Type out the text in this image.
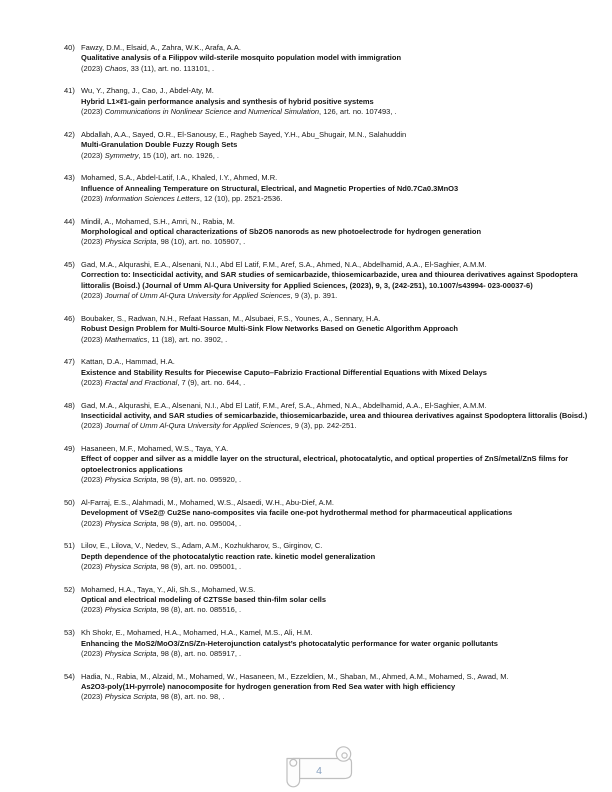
40) Fawzy, D.M., Elsaid, A., Zahra, W.K., Arafa, A.A.
Qualitative analysis of a Filippov wild-sterile mosquito population model with immigration
(2023) Chaos, 33 (11), art. no. 113101, .
41) Wu, Y., Zhang, J., Cao, J., Abdel-Aty, M.
Hybrid L1×ℓ1-gain performance analysis and synthesis of hybrid positive systems
(2023) Communications in Nonlinear Science and Numerical Simulation, 126, art. no. 107493, .
42) Abdallah, A.A., Sayed, O.R., El-Sanousy, E., Ragheb Sayed, Y.H., Abu_Shugair, M.N., Salahuddin
Multi-Granulation Double Fuzzy Rough Sets
(2023) Symmetry, 15 (10), art. no. 1926, .
43) Mohamed, S.A., Abdel-Latif, I.A., Khaled, I.Y., Ahmed, M.R.
Influence of Annealing Temperature on Structural, Electrical, and Magnetic Properties of Nd0.7Ca0.3MnO3
(2023) Information Sciences Letters, 12 (10), pp. 2521-2536.
44) Mindil, A., Mohamed, S.H., Amri, N., Rabia, M.
Morphological and optical characterizations of Sb2O5 nanorods as new photoelectrode for hydrogen generation
(2023) Physica Scripta, 98 (10), art. no. 105907, .
45) Gad, M.A., Alqurashi, E.A., Alsenani, N.I., Abd El Latif, F.M., Aref, S.A., Ahmed, N.A., Abdelhamid, A.A., El-Saghier, A.M.M.
Correction to: Insecticidal activity, and SAR studies of semicarbazide, thiosemicarbazide, urea and thiourea derivatives against Spodoptera littoralis (Boisd.) (Journal of Umm Al-Qura University for Applied Sciences, (2023), 9, 3, (242-251), 10.1007/s43994- 023-00037-6)
(2023) Journal of Umm Al-Qura University for Applied Sciences, 9 (3), p. 391.
46) Boubaker, S., Radwan, N.H., Refaat Hassan, M., Alsubaei, F.S., Younes, A., Sennary, H.A.
Robust Design Problem for Multi-Source Multi-Sink Flow Networks Based on Genetic Algorithm Approach
(2023) Mathematics, 11 (18), art. no. 3902, .
47) Kattan, D.A., Hammad, H.A.
Existence and Stability Results for Piecewise Caputo–Fabrizio Fractional Differential Equations with Mixed Delays
(2023) Fractal and Fractional, 7 (9), art. no. 644, .
48) Gad, M.A., Alqurashi, E.A., Alsenani, N.I., Abd El Latif, F.M., Aref, S.A., Ahmed, N.A., Abdelhamid, A.A., El-Saghier, A.M.M.
Insecticidal activity, and SAR studies of semicarbazide, thiosemicarbazide, urea and thiourea derivatives against Spodoptera littoralis (Boisd.)
(2023) Journal of Umm Al-Qura University for Applied Sciences, 9 (3), pp. 242-251.
49) Hasaneen, M.F., Mohamed, W.S., Taya, Y.A.
Effect of copper and silver as a middle layer on the structural, electrical, photocatalytic, and optical properties of ZnS/metal/ZnS films for optoelectronics applications
(2023) Physica Scripta, 98 (9), art. no. 095920, .
50) Al-Farraj, E.S., Alahmadi, M., Mohamed, W.S., Alsaedi, W.H., Abu-Dief, A.M.
Development of VSe2@ Cu2Se nano-composites via facile one-pot hydrothermal method for pharmaceutical applications
(2023) Physica Scripta, 98 (9), art. no. 095004, .
51) Lilov, E., Lilova, V., Nedev, S., Adam, A.M., Kozhukharov, S., Girginov, C.
Depth dependence of the photocatalytic reaction rate. kinetic model generalization
(2023) Physica Scripta, 98 (9), art. no. 095001, .
52) Mohamed, H.A., Taya, Y., Ali, Sh.S., Mohamed, W.S.
Optical and electrical modeling of CZTSSe based thin-film solar cells
(2023) Physica Scripta, 98 (8), art. no. 085516, .
53) Kh Shokr, E., Mohamed, H.A., Mohamed, H.A., Kamel, M.S., Ali, H.M.
Enhancing the MoS2/MoO3/ZnS/Zn-Heterojunction catalyst’s photocatalytic performance for water organic pollutants
(2023) Physica Scripta, 98 (8), art. no. 085917, .
54) Hadia, N., Rabia, M., Alzaid, M., Mohamed, W., Hasaneen, M., Ezzeldien, M., Shaban, M., Ahmed, A.M., Mohamed, S., Awad, M.
As2O3-poly(1H-pyrrole) nanocomposite for hydrogen generation from Red Sea water with high efficiency
(2023) Physica Scripta, 98 (8), art. no. 98, .
4
